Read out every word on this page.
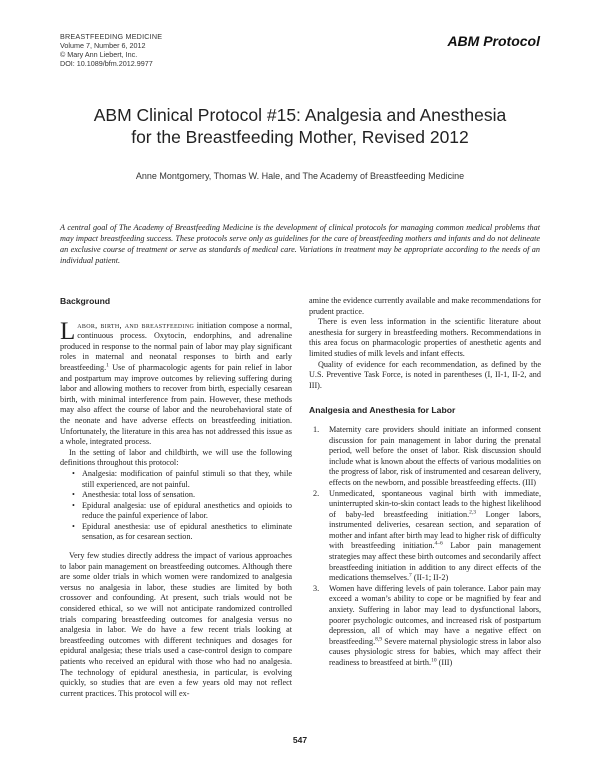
BREASTFEEDING MEDICINE
Volume 7, Number 6, 2012
© Mary Ann Liebert, Inc.
DOI: 10.1089/bfm.2012.9977
ABM Protocol
ABM Clinical Protocol #15: Analgesia and Anesthesia
for the Breastfeeding Mother, Revised 2012
Anne Montgomery, Thomas W. Hale, and The Academy of Breastfeeding Medicine

A central goal of The Academy of Breastfeeding Medicine is the development of clinical protocols for managing common medical problems that may impact breastfeeding success. These protocols serve only as guidelines for the care of breastfeeding mothers and infants and do not delineate an exclusive course of treatment or serve as standards of medical care. Variations in treatment may be appropriate according to the needs of an individual patient.

Background

Labor, birth, and breastfeeding initiation compose a normal, continuous process. Oxytocin, endorphins, and adrenaline produced in response to the normal pain of labor may play significant roles in maternal and neonatal responses to birth and early breastfeeding.$^1$ Use of pharmacologic agents for pain relief in labor and postpartum may improve outcomes by relieving suffering during labor and allowing mothers to recover from birth, especially cesarean birth, with minimal interference from pain. However, these methods may also affect the course of labor and the neurobehavioral state of the neonate and have adverse effects on breastfeeding initiation. Unfortunately, the literature in this area has not addressed this issue as a whole, integrated process.

In the setting of labor and childbirth, we will use the following definitions throughout this protocol:

• Analgesia: modification of painful stimuli so that they, while still experienced, are not painful.
• Anesthesia: total loss of sensation.
• Epidural analgesia: use of epidural anesthetics and opioids to reduce the painful experience of labor.
• Epidural anesthesia: use of epidural anesthetics to eliminate sensation, as for cesarean section.

Very few studies directly address the impact of various approaches to labor pain management on breastfeeding outcomes. Although there are some older trials in which women were randomized to analgesia versus no analgesia in labor, these studies are limited by both crossover and confounding. At present, such trials would not be considered ethical, so we will not anticipate randomized controlled trials comparing breastfeeding outcomes for analgesia versus no analgesia in labor. We do have a few recent trials looking at breastfeeding outcomes with different techniques and dosages for epidural analgesia; these trials used a case-control design to compare patients who received an epidural with those who had no analgesia. The technology of epidural anesthesia, in particular, is evolving quickly, so studies that are even a few years old may not reflect current practices. This protocol will ex-

amine the evidence currently available and make recommendations for prudent practice.

There is even less information in the scientific literature about anesthesia for surgery in breastfeeding mothers. Recommendations in this area focus on pharmacologic properties of anesthetic agents and limited studies of milk levels and infant effects.

Quality of evidence for each recommendation, as defined by the U.S. Preventive Task Force, is noted in parentheses (I, II-1, II-2, and III).

Analgesia and Anesthesia for Labor
1. Maternity care providers should initiate an informed consent discussion for pain management in labor during the prenatal period, well before the onset of labor. Risk discussion should include what is known about the effects of various modalities on the progress of labor, risk of instrumented and cesarean delivery, effects on the newborn, and possible breastfeeding effects. (III)
2. Unmedicated, spontaneous vaginal birth with immediate, uninterrupted skin-to-skin contact leads to the highest likelihood of baby-led breastfeeding initiation.$^{2,3}$ Longer labors, instrumented deliveries, cesarean section, and separation of mother and infant after birth may lead to higher risk of difficulty with breastfeeding initiation.$^{4-6}$ Labor pain management strategies may affect these birth outcomes and secondarily affect breastfeeding initiation in addition to any direct effects of the medications themselves.$^7$ (II-1; II-2)
3. Women have differing levels of pain tolerance. Labor pain may exceed a woman’s ability to cope or be magnified by fear and anxiety. Suffering in labor may lead to dysfunctional labors, poorer psychologic outcomes, and increased risk of postpartum depression, all of which may have a negative effect on breastfeeding.$^{8,9}$ Severe maternal physiologic stress in labor also causes physiologic stress for babies, which may affect their readiness to breastfeed at birth.$^{10}$ (III)
547
